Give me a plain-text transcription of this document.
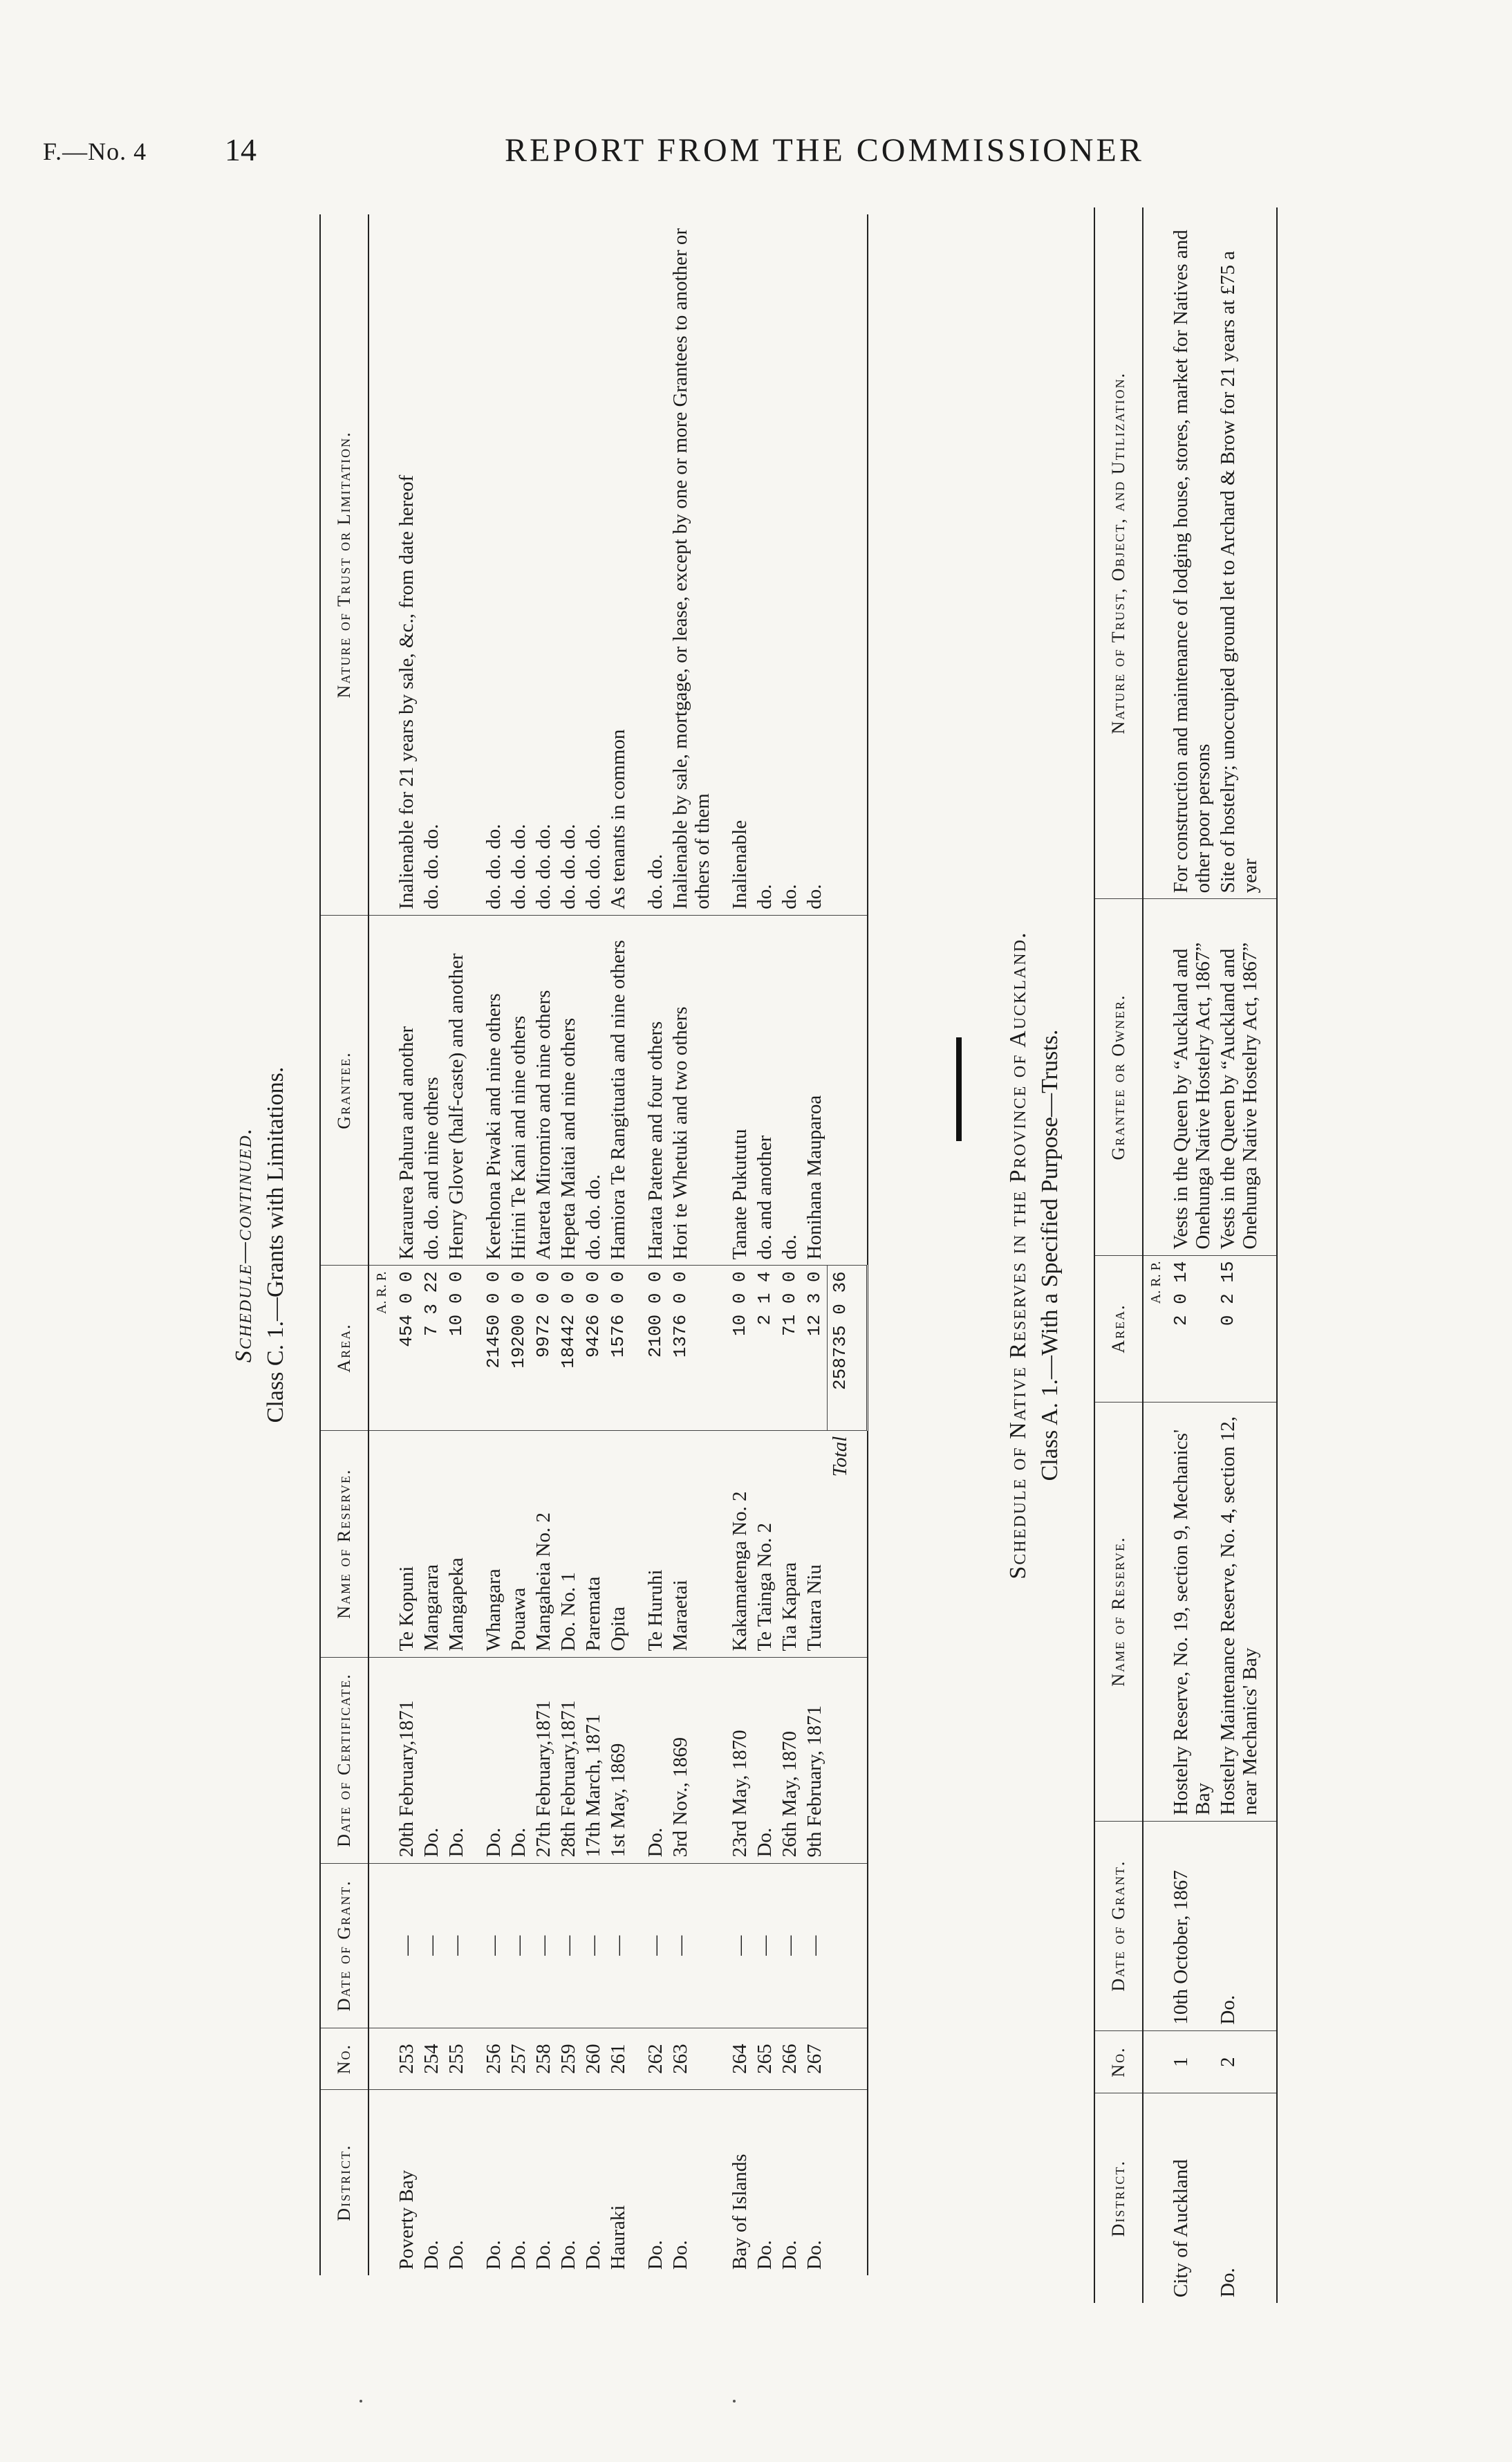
F.—No. 4 14	REPORT FROM THE COMMISSIONER
Schedule—continued. Class C. 1.—Grants with Limitations.
District.	No.	Date of Grant.	Date of Certificate.	Name of Reserve.	Area.	Grantee.	Nature of Trust or Limitation.
					A. R. P.		
Poverty Bay	253	—	20th February,1871	Te Kopuni	454 0 0	Karaurea Pahura and another	Inalienable for 21 years by sale, &c., from date hereof
Do.	254	—	Do.	Mangarara	7 3 22	do. do. and nine others	do. do. do.
Do.	255	—	Do.	Mangapeka	10 0 0	Henry Glover (half-caste) and another	

Do.	256	—	Do.	Whangara	21450 0 0	Kerehona Piwaki and nine others	do. do. do.
Do.	257	—	Do.	Pouawa	19200 0 0	Hirini Te Kani and nine others	do. do. do.
Do.	258	—	27th February,1871	Mangaheia No. 2	9972 0 0	Atareta Miromiro and nine others	do. do. do.
Do.	259	—	28th February,1871	Do. No. 1	18442 0 0	Hepeta Maitai and nine others	do. do. do.
Do.	260	—	17th March, 1871	Paremata	9426 0 0	do. do. do.	do. do. do.
Hauraki	261	—	1st May, 1869	Opita	1576 0 0	Hamiora Te Rangituatia and nine others	As tenants in common

Do.	262	—	Do.	Te Huruhi	2100 0 0	Harata Patene and four others	do. do.
Do.	263	—	3rd Nov., 1869	Maraetai	1376 0 0	Hori te Whetuki and two others	Inalienable by sale, mortgage, or lease, except by one or more Grantees to another or others of them

Bay of Islands	264	—	23rd May, 1870	Kakamatenga No. 2	10 0 0	Tanate Pukututu	Inalienable
Do.	265	—	Do.	Te Tainga No. 2	2 1 4	do. and another	do.
Do.	266	—	26th May, 1870	Tia Kapara	71 0 0	do.	do.
Do.	267	—	9th February, 1871	Tutara Niu	12 3 0	Honihana Mauparoa	do.
				Total	258735 0 36			Schedule of Native Reserves in the Province of Auckland. Class A. 1.—With a Specified Purpose—Trusts.
District.	No.	Date of Grant.	Name of Reserve.	Area.	Grantee or Owner.	Nature of Trust, Object, and Utilization.
				A. R. P.		
City of Auckland	1	10th October, 1867	Hostelry Reserve, No. 19, section 9, Mechanics' Bay	2 0 14	Vests in the Queen by “Auckland and Onehunga Native Hostelry Act, 1867”	For construction and maintenance of lodging house, stores, market for Natives and other poor persons
Do.	2	Do.	Hostelry Maintenance Reserve, No. 4, section 12, near Mechanics' Bay	0 2 15	Vests in the Queen by “Auckland and Onehunga Native Hostelry Act, 1867”	Site of hostelry; unoccupied ground let to Archard & Brow for 21 years at £75 a year
